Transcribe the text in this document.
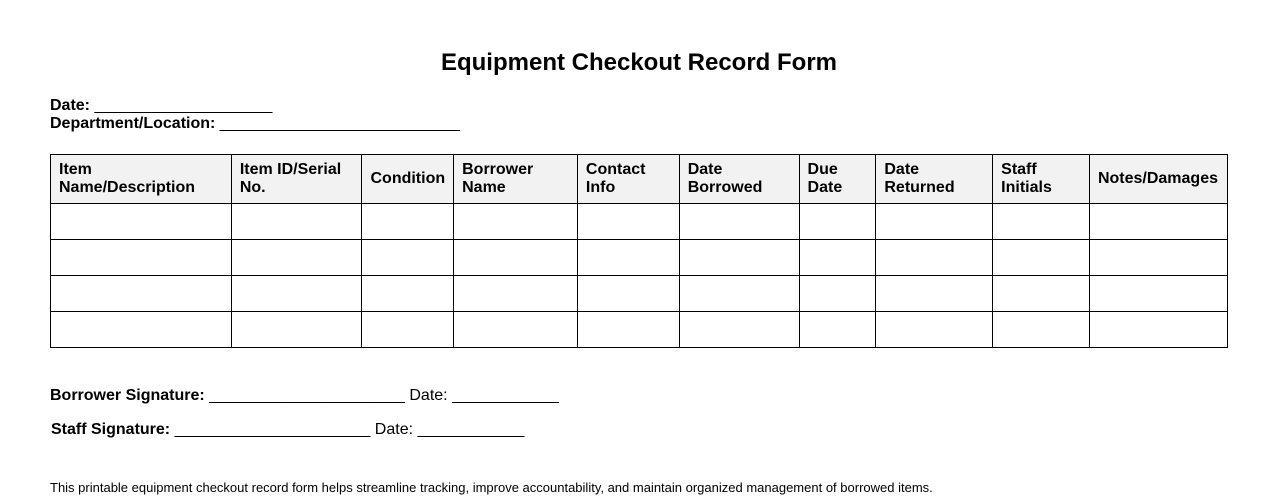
Equipment Checkout Record Form
Date: ____________________
Department/Location: ___________________________
Item Name/Description	Item ID/Serial No.	Condition	Borrower Name	Contact Info	Date Borrowed	Due Date	Date Returned	Staff Initials	Notes/Damages

Borrower Signature: ______________________ Date: ____________
Staff Signature: ______________________ Date: ____________
This printable equipment checkout record form helps streamline tracking, improve accountability, and maintain organized management of borrowed items.
